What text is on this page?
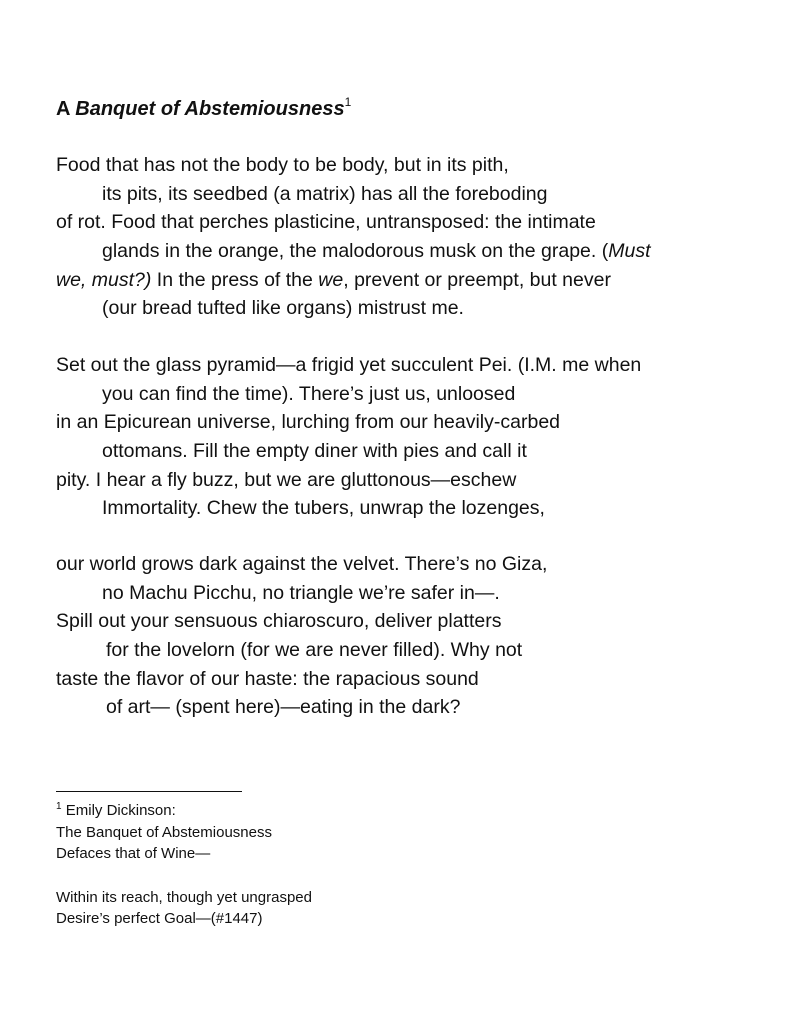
A Banquet of Abstemiousness$^1$
Food that has not the body to be body, but in its pith,
its pits, its seedbed (a matrix) has all the foreboding
of rot. Food that perches plasticine, untransposed: the intimate
glands in the orange, the malodorous musk on the grape. (Must
we, must?) In the press of the we, prevent or preempt, but never
(our bread tufted like organs) mistrust me.
Set out the glass pyramid—a frigid yet succulent Pei. (I.M. me when
you can find the time). There’s just us, unloosed
in an Epicurean universe, lurching from our heavily-carbed
ottomans. Fill the empty diner with pies and call it
pity. I hear a fly buzz, but we are gluttonous—eschew
Immortality. Chew the tubers, unwrap the lozenges,
our world grows dark against the velvet. There’s no Giza,
no Machu Picchu, no triangle we’re safer in—.
Spill out your sensuous chiaroscuro, deliver platters
for the lovelorn (for we are never filled). Why not
taste the flavor of our haste: the rapacious sound
of art— (spent here)—eating in the dark?
$^1$ Emily Dickinson:
The Banquet of Abstemiousness
Defaces that of Wine—
Within its reach, though yet ungrasped
Desire’s perfect Goal—(#1447)
